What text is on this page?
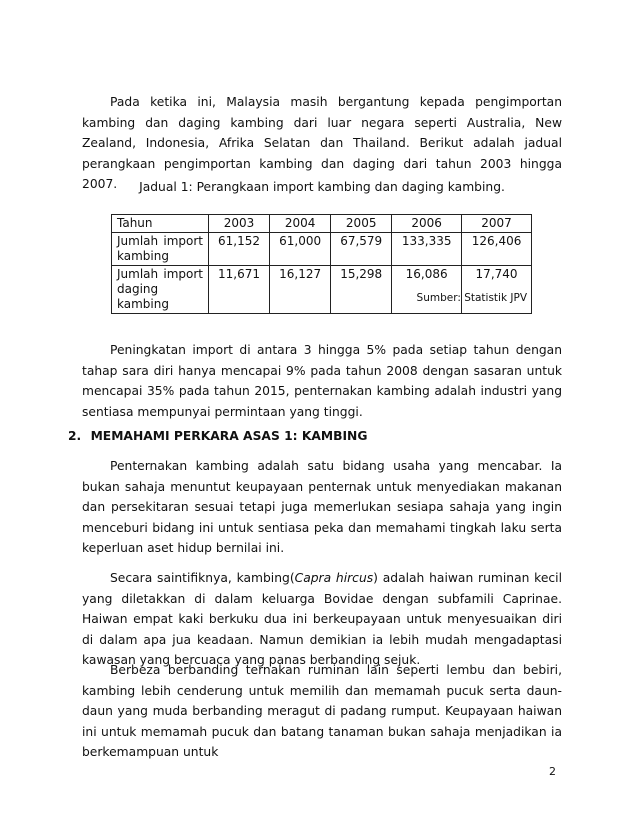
Pada ketika ini, Malaysia masih bergantung kepada pengimportan kambing dan daging kambing dari luar negara seperti Australia, New Zealand, Indonesia, Afrika Selatan dan Thailand. Berikut adalah jadual perangkaan pengimportan kambing dan daging dari tahun 2003 hingga 2007.	Jadual 1: Perangkaan import kambing dan daging kambing.

Tahun	2003	2004	2005	2006	2007

Jumlah import
kambing	61,152	61,000	67,579	133,335	126,406

Jumlah import
daging kambing	11,671	16,127	15,298	16,086	17,740
Sumber: Statistik JPV

Peningkatan import di antara 3 hingga 5% pada setiap tahun dengan tahap sara diri hanya mencapai 9% pada tahun 2008 dengan sasaran untuk mencapai 35% pada tahun 2015, penternakan kambing adalah industri yang sentiasa mempunyai permintaan yang tinggi.

2. MEMAHAMI PERKARA ASAS 1: KAMBING

Penternakan kambing adalah satu bidang usaha yang mencabar. Ia bukan sahaja menuntut keupayaan penternak untuk menyediakan makanan dan persekitaran sesuai tetapi juga memerlukan sesiapa sahaja yang ingin menceburi bidang ini untuk sentiasa peka dan memahami tingkah laku serta keperluan aset hidup bernilai ini.

Secara saintifiknya, kambing(Capra hircus) adalah haiwan ruminan kecil yang diletakkan di dalam keluarga Bovidae dengan subfamili Caprinae. Haiwan empat kaki berkuku dua ini berkeupayaan untuk menyesuaikan diri di dalam apa jua keadaan. Namun demikian ia lebih mudah mengadaptasi kawasan yang bercuaca yang panas berbanding sejuk.

Berbeza berbanding ternakan ruminan lain seperti lembu dan bebiri, kambing lebih cenderung untuk memilih dan memamah pucuk serta daun-daun yang muda berbanding meragut di padang rumput. Keupayaan haiwan ini untuk memamah pucuk dan batang tanaman bukan sahaja menjadikan ia berkemampuan untuk

2
